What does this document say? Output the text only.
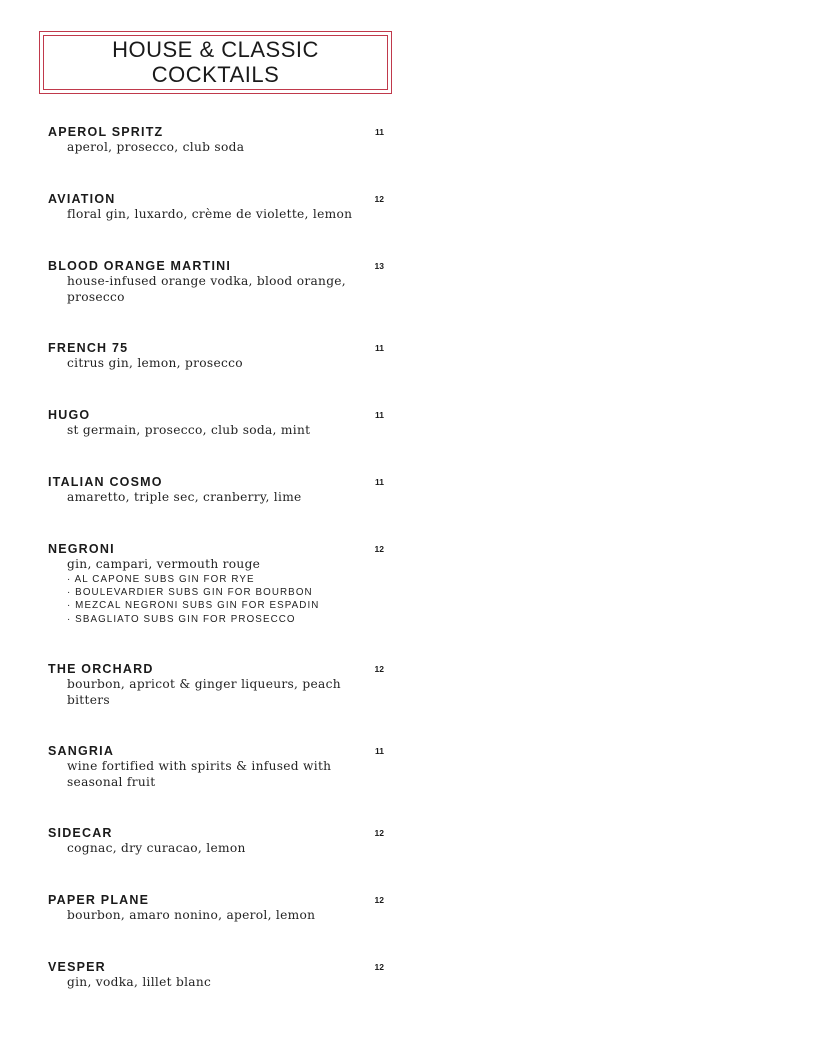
HOUSE & CLASSIC
COCKTAILS
APEROL SPRITZ	11
aperol, prosecco, club soda
AVIATION	12
floral gin, luxardo, crème de violette, lemon
BLOOD ORANGE MARTINI	13
house-infused orange vodka, blood orange, prosecco
FRENCH 75	11
citrus gin, lemon, prosecco
HUGO	11
st germain, prosecco, club soda, mint
ITALIAN COSMO	11
amaretto, triple sec, cranberry, lime
NEGRONI	12
gin, campari, vermouth rouge
· AL CAPONE SUBS GIN FOR RYE
· BOULEVARDIER SUBS GIN FOR BOURBON
· MEZCAL NEGRONI SUBS GIN FOR ESPADIN
· SBAGLIATO SUBS GIN FOR PROSECCO
THE ORCHARD	12
bourbon, apricot & ginger liqueurs, peach bitters
SANGRIA	11
wine fortified with spirits & infused with seasonal fruit
SIDECAR	12
cognac, dry curacao, lemon
PAPER PLANE	12
bourbon, amaro nonino, aperol, lemon
VESPER	12
gin, vodka, lillet blanc
